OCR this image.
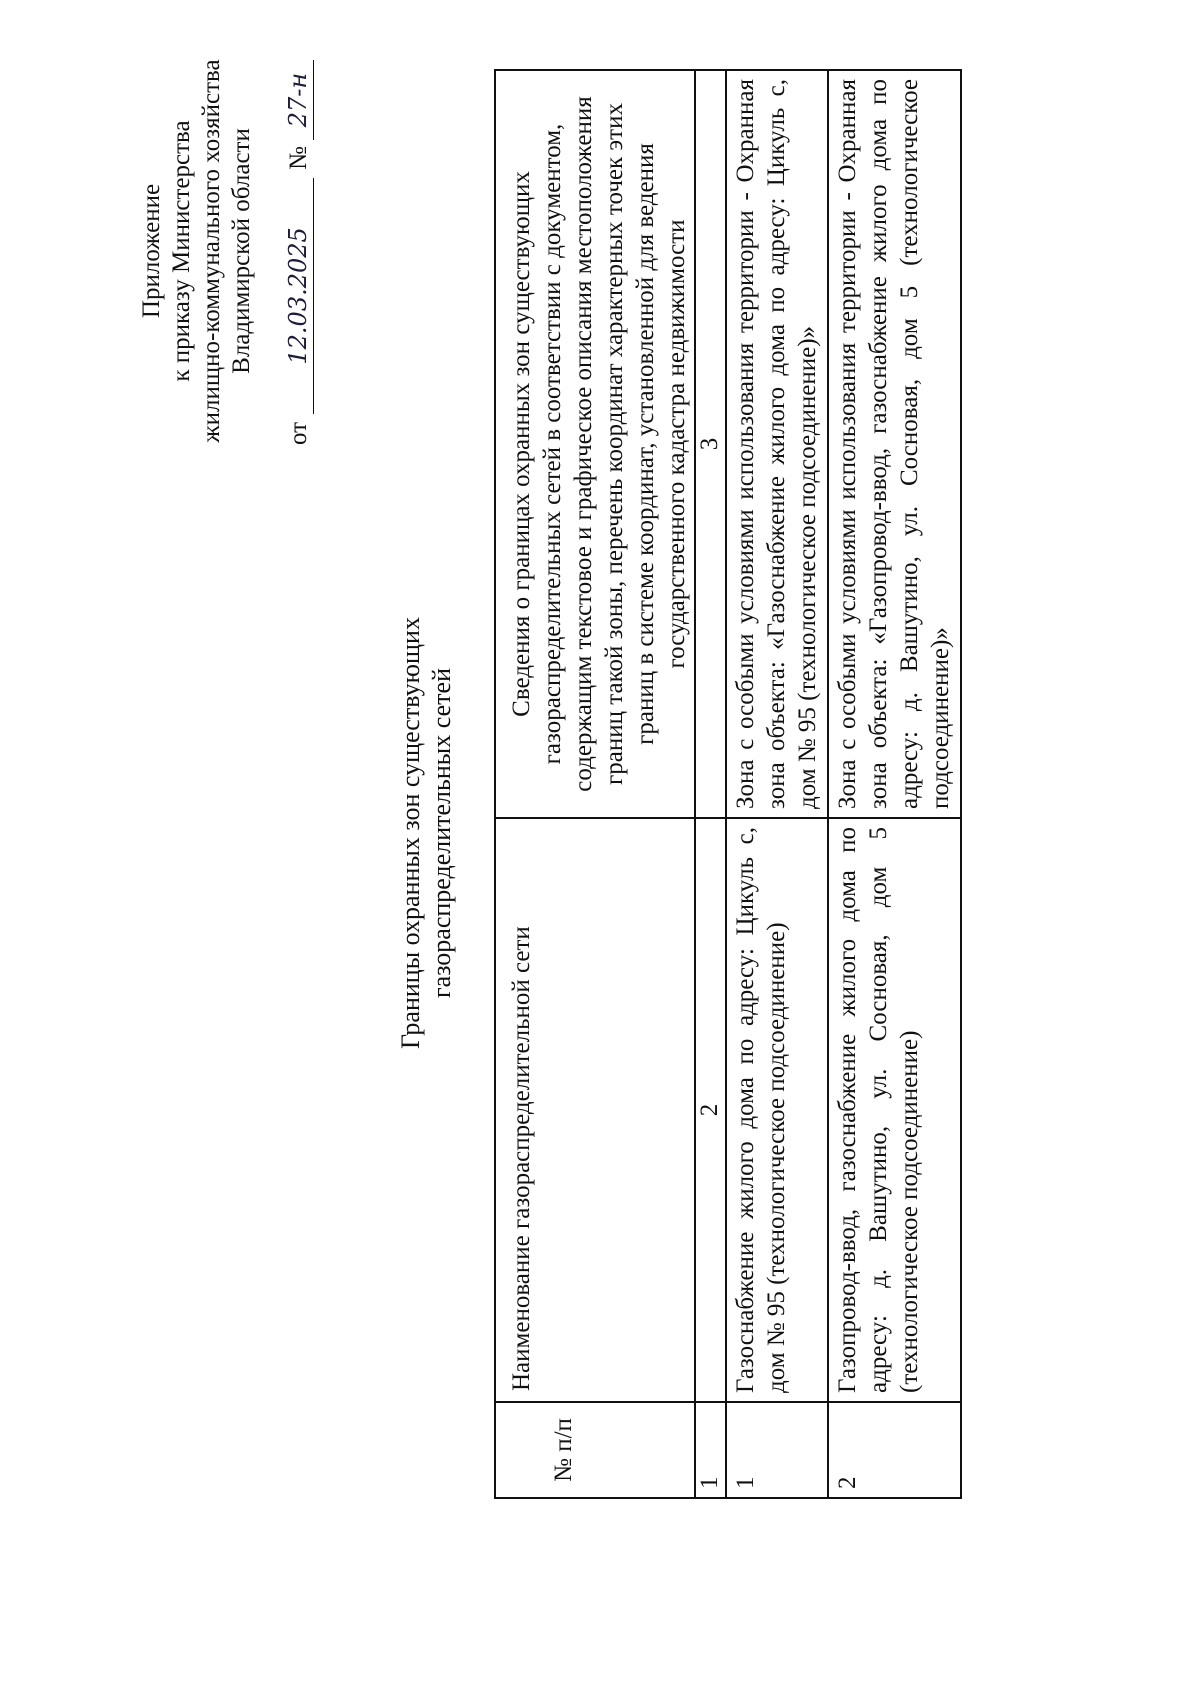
Приложение к приказу Министерства жилищно-коммунального хозяйства Владимирской области
от12.03.2025№27-н
Границы охранных зон существующих газораспределительных сетей
№ п/п	Наименование газораспределительной сети	Сведения о границах охранных зон существующих газораспределительных сетей в соответствии с документом, содержащим текстовое и графическое описания местоположения границ такой зоны, перечень координат характерных точек этих границ в системе координат, установленной для ведения государственного кадастра недвижимости
1	2	3
1	Газоснабжение жилого дома по адресу: Цикуль с, дом № 95 (технологическое подсоединение)	Зона с особыми условиями использования территории - Охранная зона объекта: «Газоснабжение жилого дома по адресу: Цикуль с, дом № 95 (технологическое подсоединение)»
2	Газопровод-ввод, газоснабжение жилого дома по адресу: д. Вашутино, ул. Сосновая, дом 5 (технологическое подсоединение)	Зона с особыми условиями использования территории - Охранная зона объекта: «Газопровод-ввод, газоснабжение жилого дома по адресу: д. Вашутино, ул. Сосновая, дом 5 (технологическое подсоединение)»
